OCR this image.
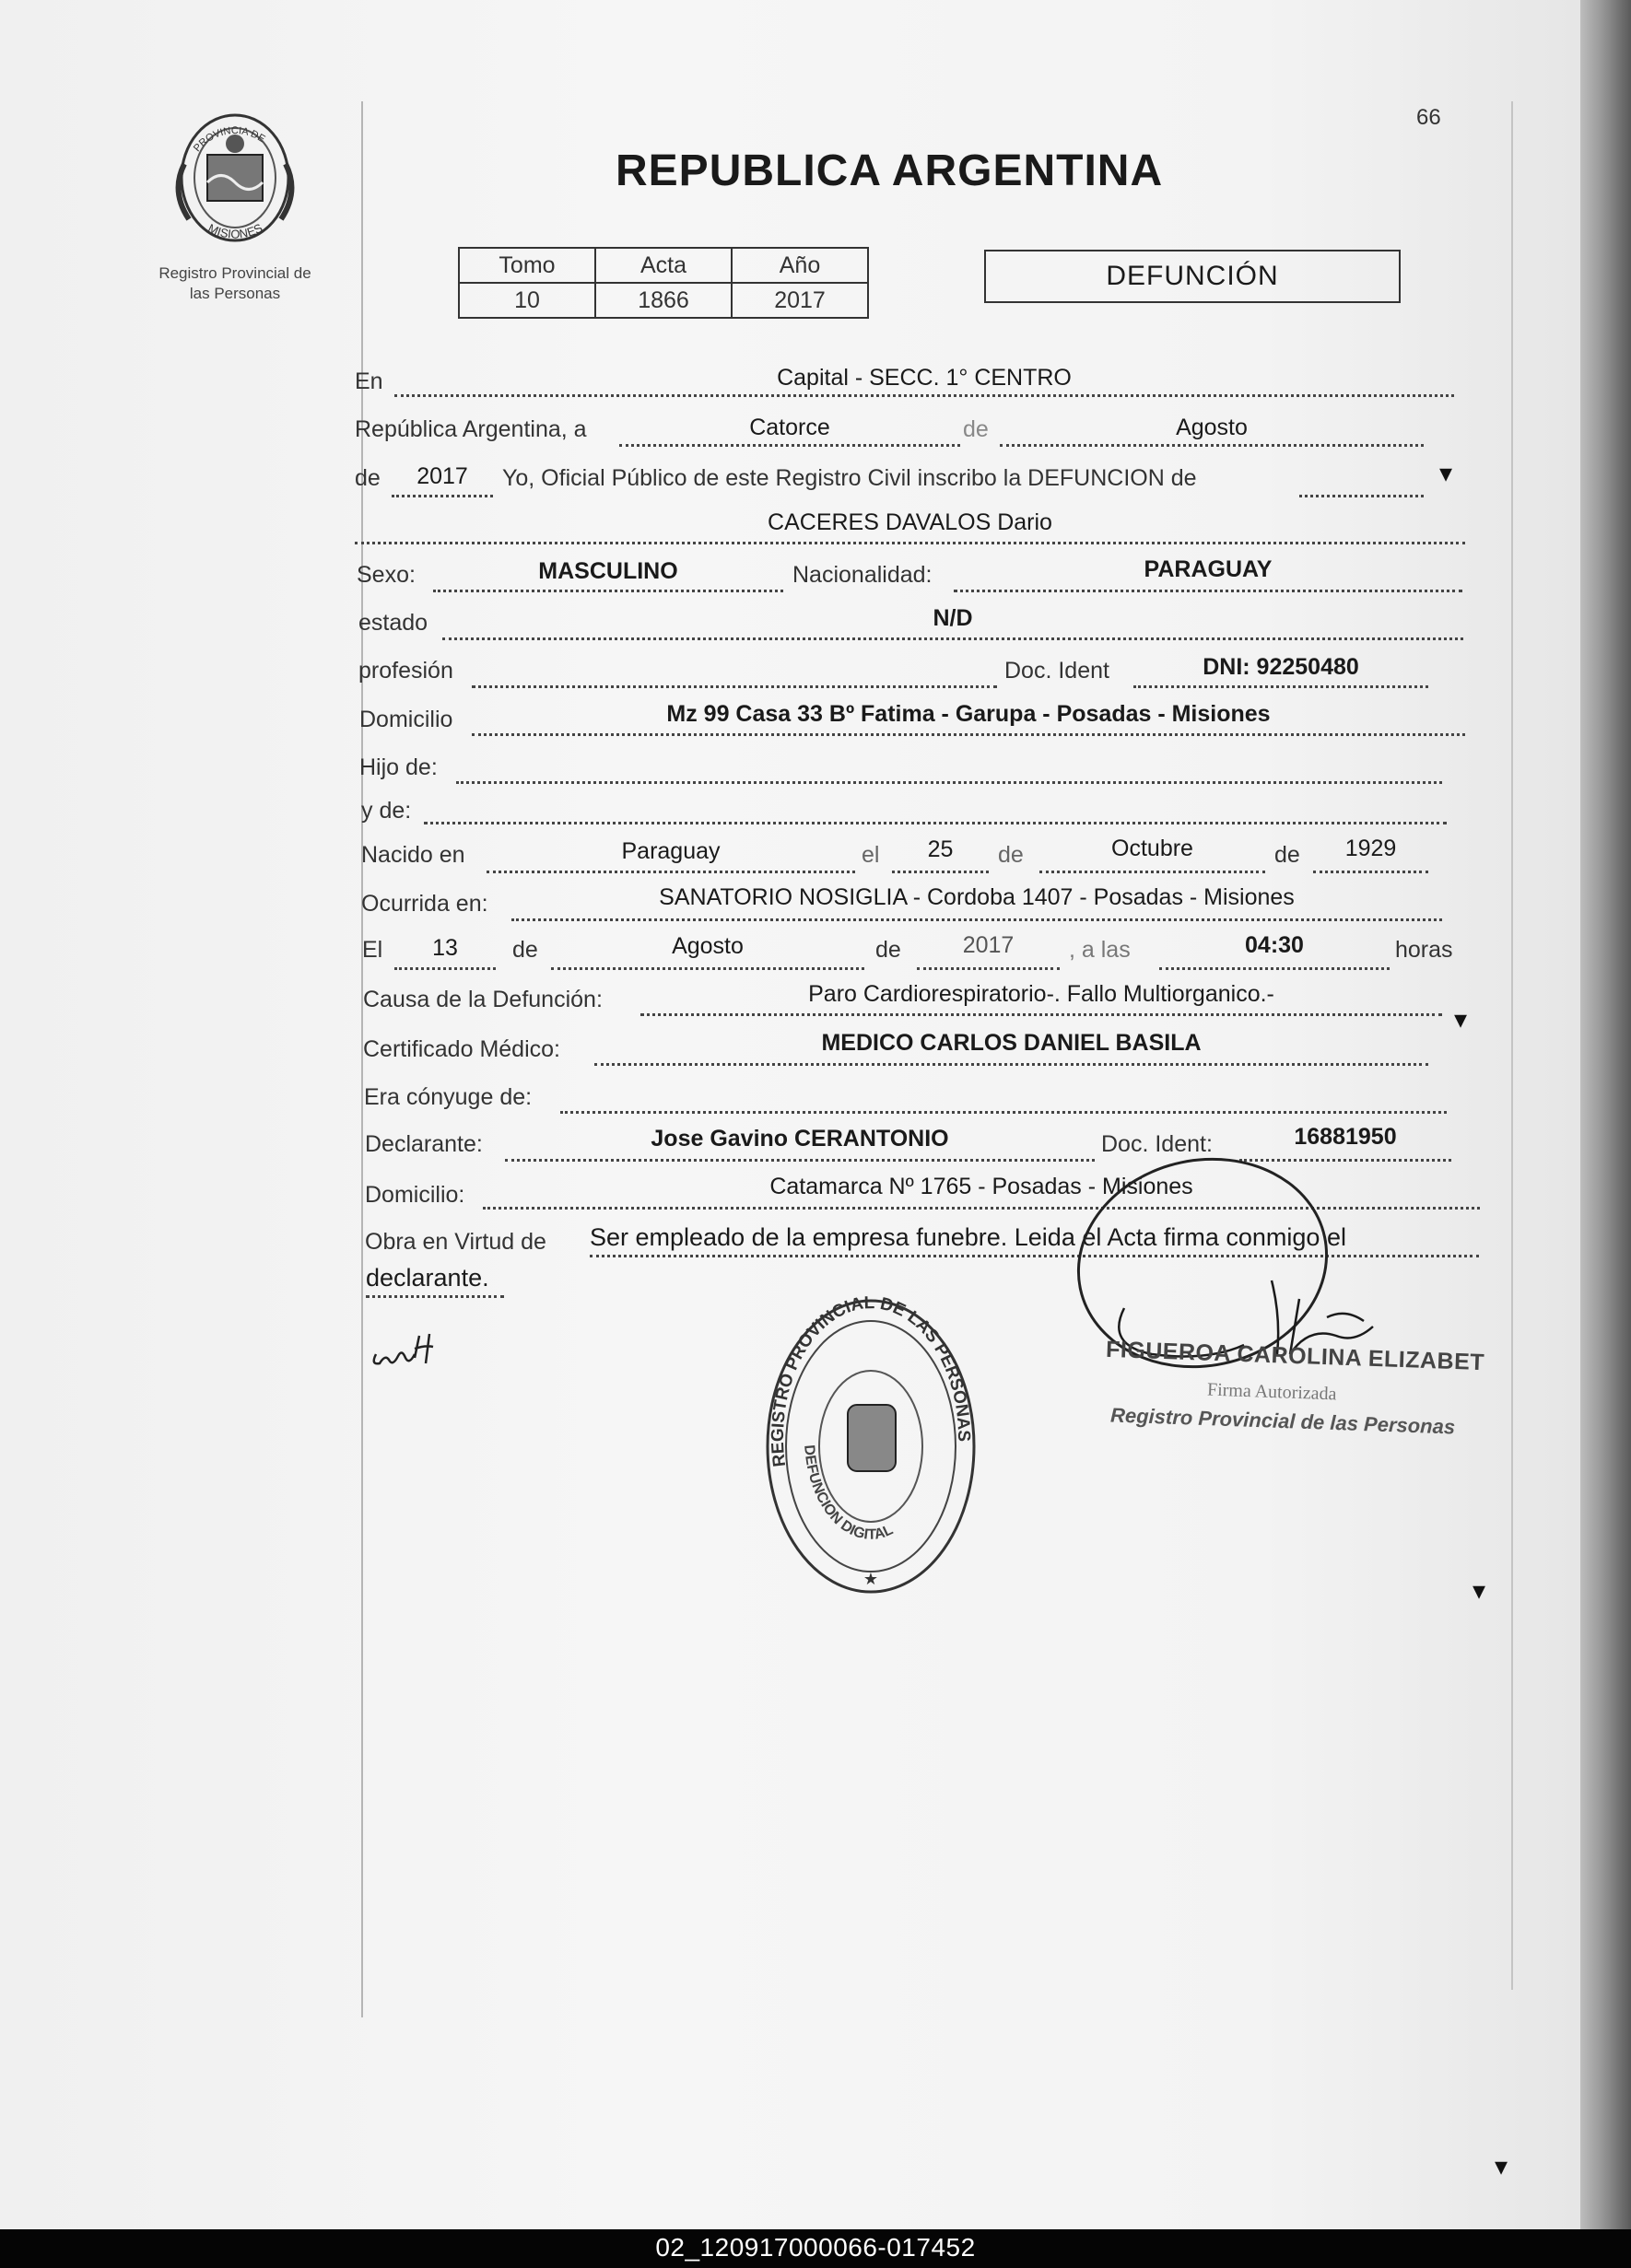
PROVINCIA DE
MISIONES
Registro Provincial de
las Personas
66
REPUBLICA ARGENTINA
Tomo	Acta	Año
10	1866	2017
DEFUNCIÓN
En	Capital - SECC. 1° CENTRO
República Argentina, a	Catorce	de	Agosto
de	2017	Yo, Oficial Público de este Registro Civil inscribo la DEFUNCION de	▾
CACERES DAVALOS Dario
Sexo:	MASCULINO	Nacionalidad:	PARAGUAY
estado	N/D
profesión	Doc. Ident	DNI: 92250480
Domicilio	Mz 99 Casa 33 Bº Fatima - Garupa - Posadas - Misiones
Hijo de:
y de:
Nacido en	Paraguay	el	25	de	Octubre	de	1929
Ocurrida en:	SANATORIO NOSIGLIA - Cordoba 1407 - Posadas - Misiones
El	13	de	Agosto	de	2017	, a las	04:30	horas
Causa de la Defunción:	Paro Cardiorespiratorio-. Fallo Multiorganico.-
▾
Certificado Médico:	MEDICO CARLOS DANIEL BASILA
Era cónyuge de:
Declarante:	Jose Gavino CERANTONIO	Doc. Ident:	16881950
Domicilio:	Catamarca Nº 1765 - Posadas - Misiones
Obra en Virtud de Ser empleado de la empresa funebre. Leida el Acta firma conmigo el
declarante.
REGISTRO PROVINCIAL DE LAS PERSONAS
DEFUNCION DIGITAL
★
FIGUEROA CAROLINA ELIZABET
Firma Autorizada
Registro Provincial de las Personas
▾
▾
02_120917000066-017452
